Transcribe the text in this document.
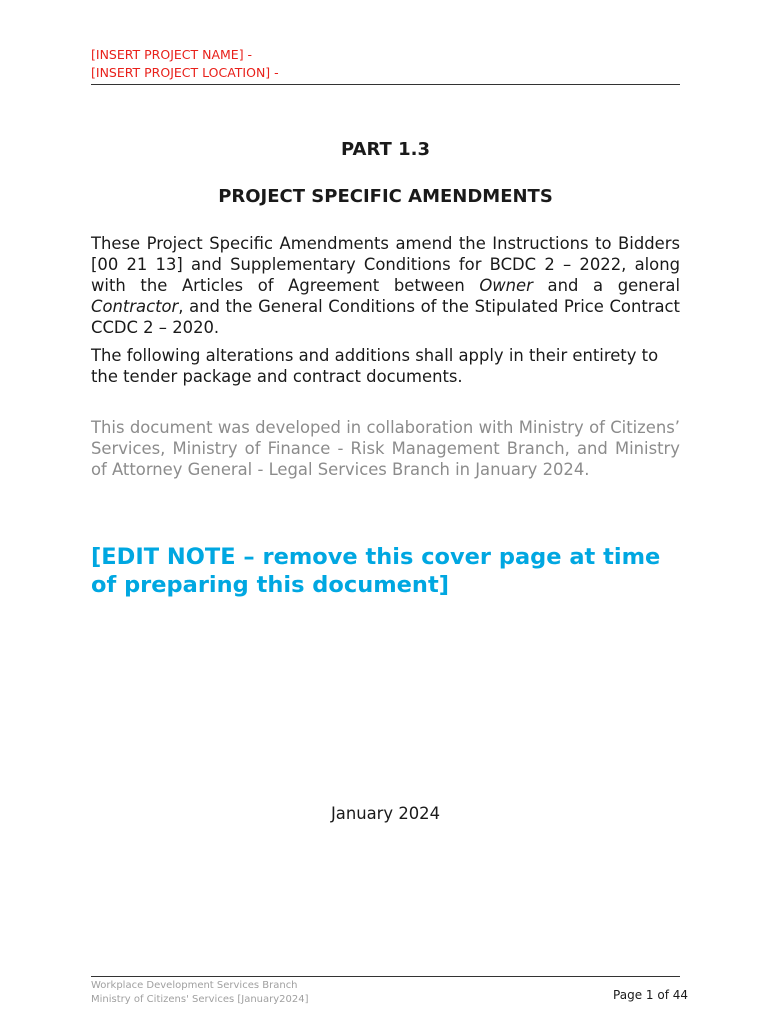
[INSERT PROJECT NAME] -
[INSERT PROJECT LOCATION] -
PART 1.3
PROJECT SPECIFIC AMENDMENTS
These Project Specific Amendments amend the Instructions to Bidders [00 21 13] and Supplementary Conditions for BCDC 2 – 2022, along with the Articles of Agreement between Owner and a general Contractor, and the General Conditions of the Stipulated Price Contract CCDC 2 – 2020.
The following alterations and additions shall apply in their entirety to the tender package and contract documents.
This document was developed in collaboration with Ministry of Citizens’ Services, Ministry of Finance - Risk Management Branch, and Ministry of Attorney General - Legal Services Branch in January 2024.
[EDIT NOTE – remove this cover page at time of preparing this document]
January 2024
Workplace Development Services Branch
Ministry of Citizens' Services [January2024]	Page 1 of 44
